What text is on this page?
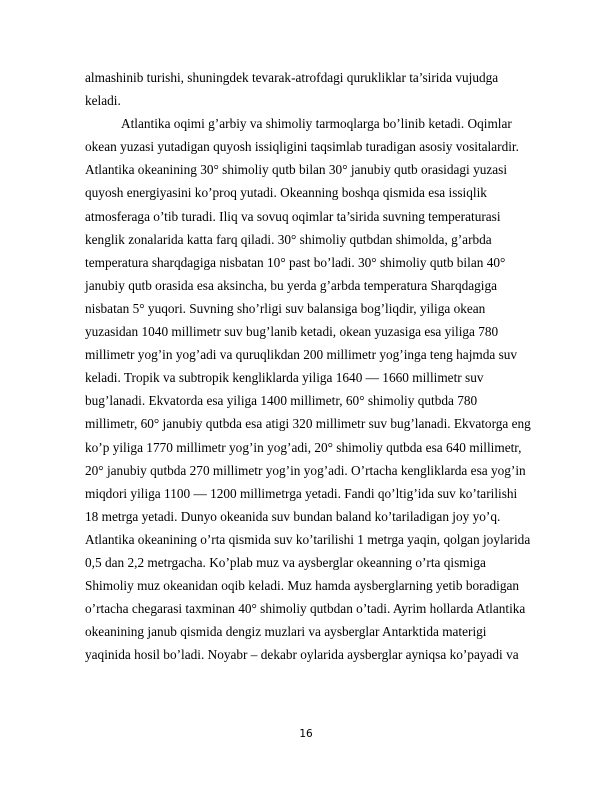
almashinib turishi, shuningdek tevarak-atrofdagi qurukliklar ta’sirida vujudga
keladi.
Atlantika oqimi g’arbiy va shimoliy tarmoqlarga bo’linib ketadi. Oqimlar
okean yuzasi yutadigan quyosh issiqligini taqsimlab turadigan asosiy vositalardir.
Atlantika okeanining 30° shimoliy qutb bilan 30° janubiy qutb orasidagi yuzasi
quyosh energiyasini ko’proq yutadi. Okeanning boshqa qismida esa issiqlik
atmosferaga o’tib turadi. Iliq va sovuq oqimlar ta’sirida suvning temperaturasi
kenglik zonalarida katta farq qiladi. 30° shimoliy qutbdan shimolda, g’arbda
temperatura sharqdagiga nisbatan 10° past bo’ladi. 30° shimoliy qutb bilan 40°
janubiy qutb orasida esa aksincha, bu yerda g’arbda temperatura Sharqdagiga
nisbatan 5° yuqori. Suvning sho’rligi suv balansiga bog’liqdir, yiliga okean
yuzasidan 1040 millimetr suv bug’lanib ketadi, okean yuzasiga esa yiliga 780
millimetr yog’in yog’adi va quruqlikdan 200 millimetr yog’inga teng hajmda suv
keladi. Tropik va subtropik kengliklarda yiliga 1640 — 1660 millimetr suv
bug’lanadi. Ekvatorda esa yiliga 1400 millimetr, 60° shimoliy qutbda 780
millimetr, 60° janubiy qutbda esa atigi 320 millimetr suv bug’lanadi. Ekvatorga eng
ko’p yiliga 1770 millimetr yog’in yog’adi, 20° shimoliy qutbda esa 640 millimetr,
20° janubiy qutbda 270 millimetr yog’in yog’adi. O’rtacha kengliklarda esa yog’in
miqdori yiliga 1100 — 1200 millimetrga yetadi. Fandi qo’ltig’ida suv ko’tarilishi
18 metrga yetadi. Dunyo okeanida suv bundan baland ko’tariladigan joy yo’q.
Atlantika okeanining o’rta qismida suv ko’tarilishi 1 metrga yaqin, qolgan joylarida
0,5 dan 2,2 metrgacha. Ko’plab muz va aysberglar okeanning o’rta qismiga
Shimoliy muz okeanidan oqib keladi. Muz hamda aysberglarning yetib boradigan
o’rtacha chegarasi taxminan 40° shimoliy qutbdan o’tadi. Ayrim hollarda Atlantika
okeanining janub qismida dengiz muzlari va aysberglar Antarktida materigi
yaqinida hosil bo’ladi. Noyabr – dekabr oylarida aysberglar ayniqsa ko’payadi va
16
